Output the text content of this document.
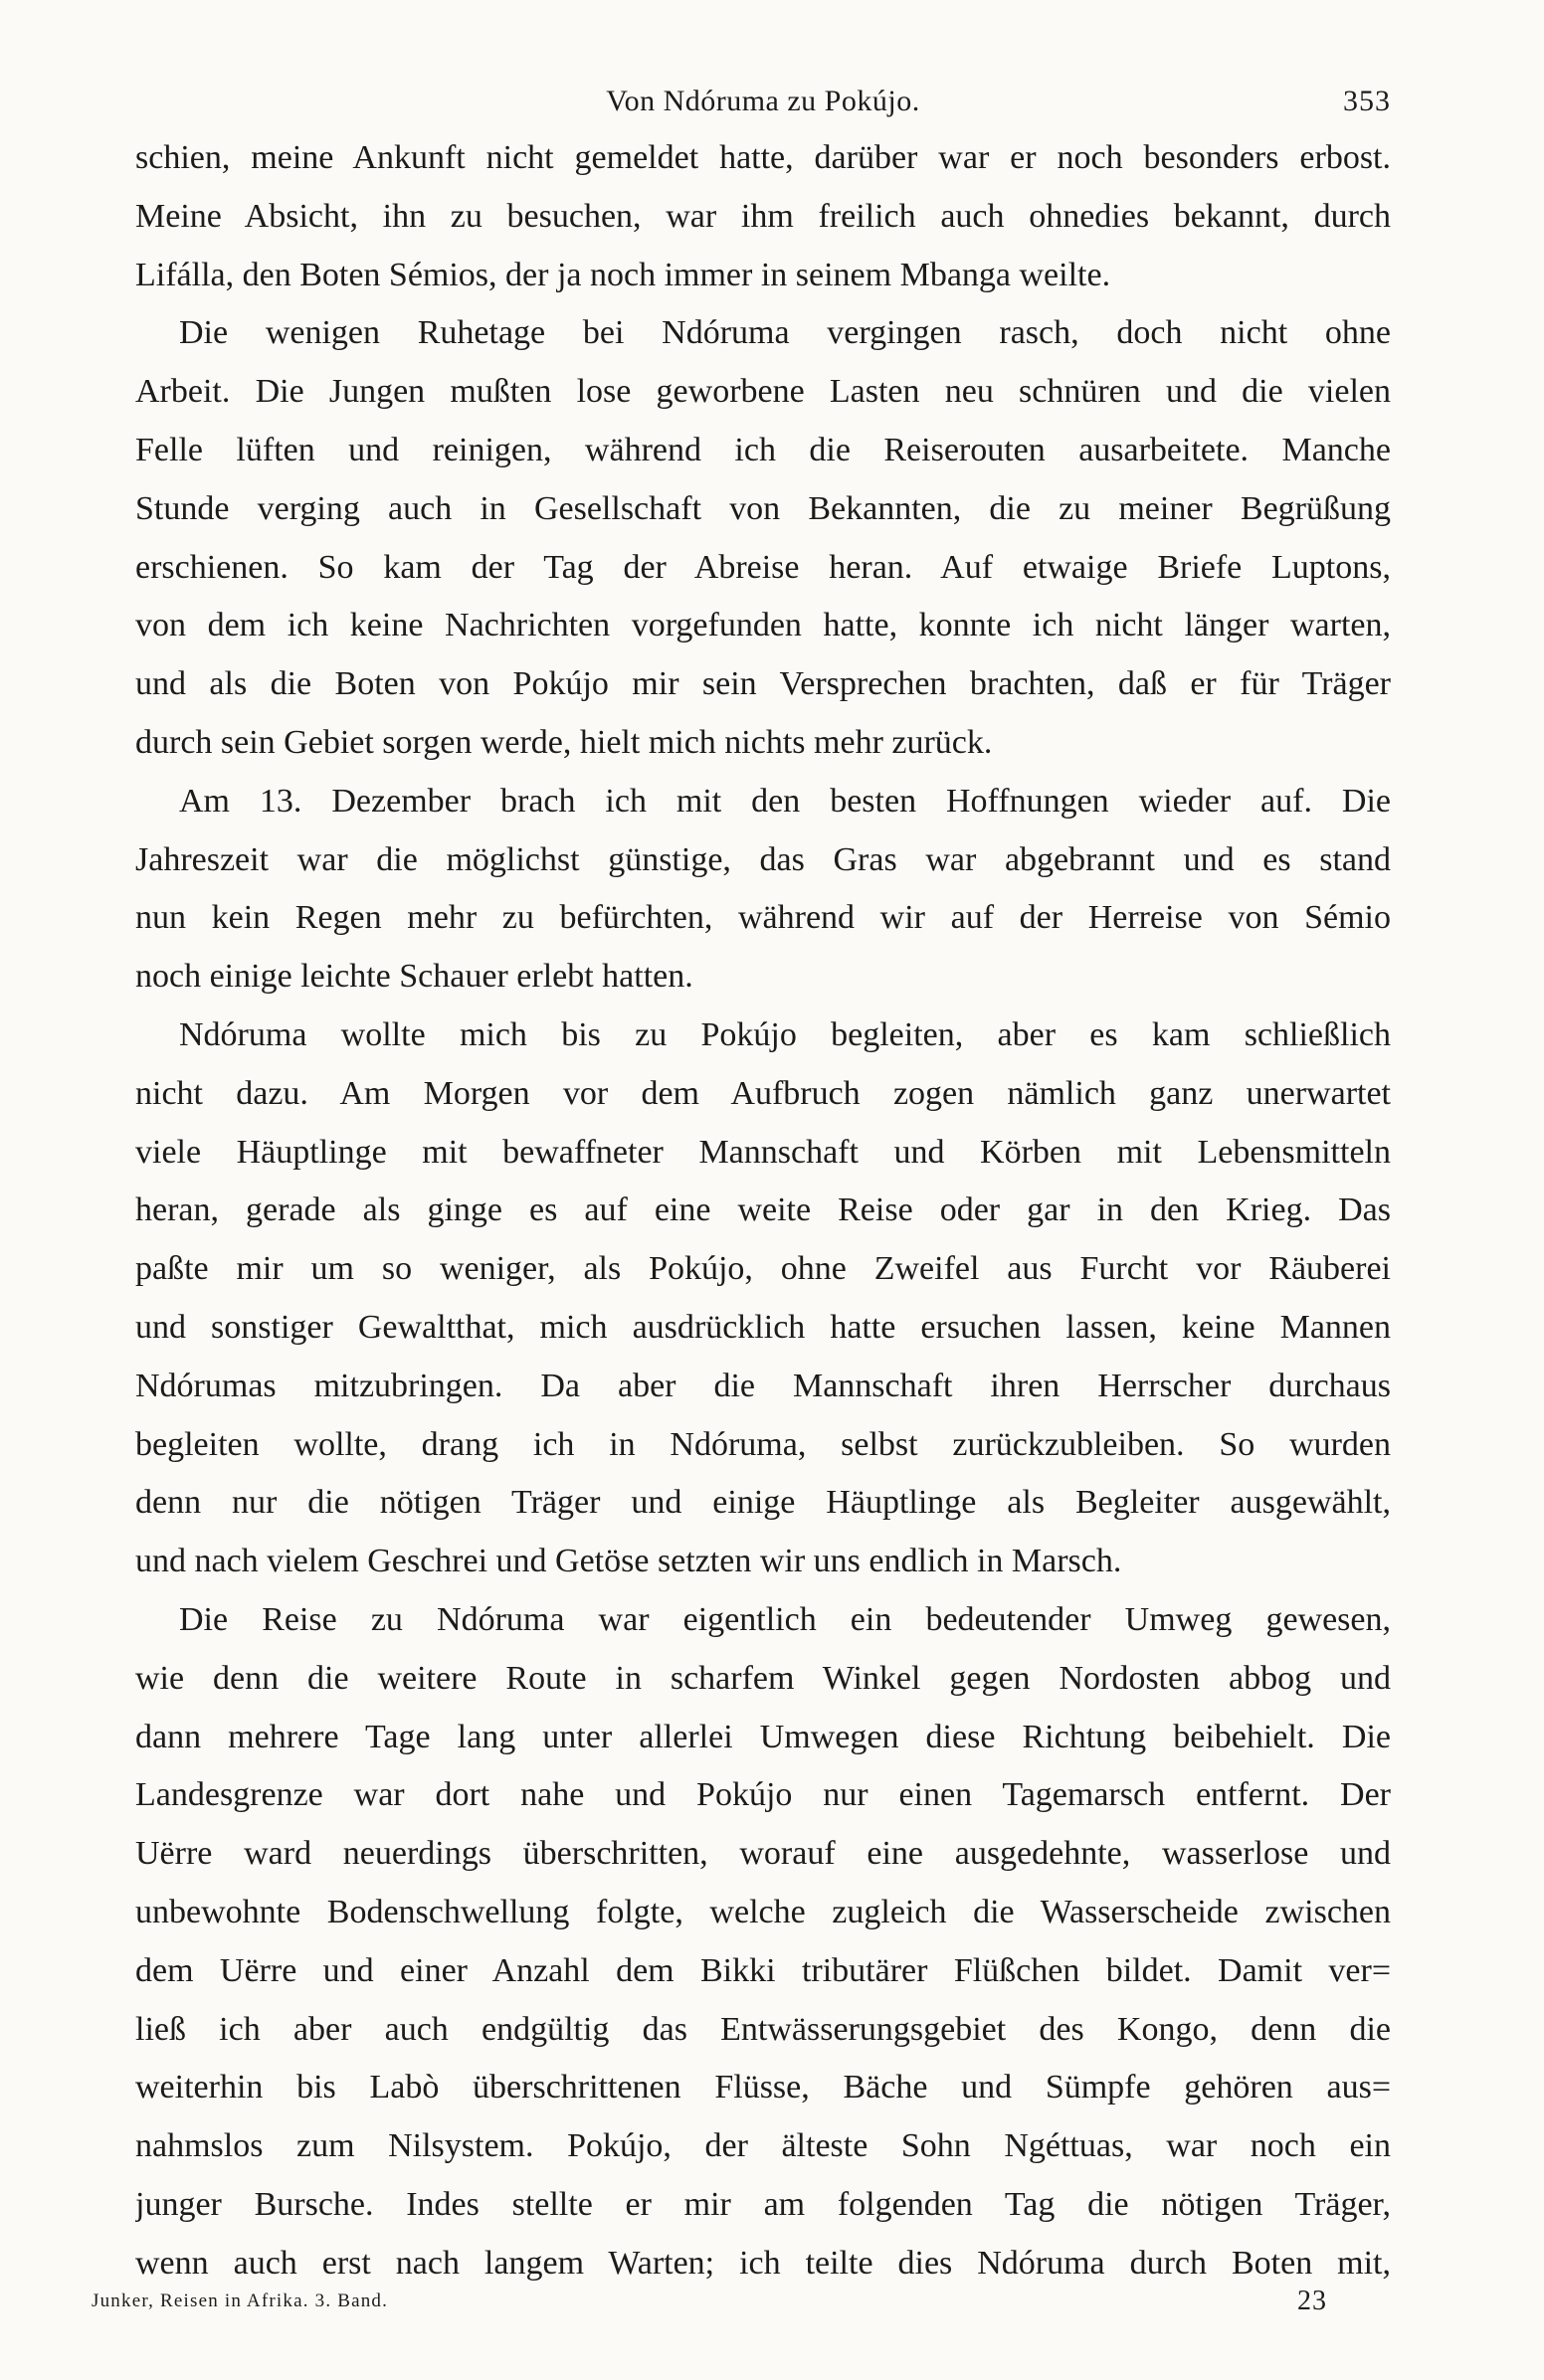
Von Ndóruma zu Pokújo.	353
schien, meine Ankunft nicht gemeldet hatte, darüber war er noch besonders erbost.
Meine Absicht, ihn zu besuchen, war ihm freilich auch ohnedies bekannt, durch
Lifálla, den Boten Sémios, der ja noch immer in seinem Mbanga weilte.
Die wenigen Ruhetage bei Ndóruma vergingen rasch, doch nicht ohne
Arbeit. Die Jungen mußten lose geworbene Lasten neu schnüren und die vielen
Felle lüften und reinigen, während ich die Reiserouten ausarbeitete. Manche
Stunde verging auch in Gesellschaft von Bekannten, die zu meiner Begrüßung
erschienen. So kam der Tag der Abreise heran. Auf etwaige Briefe Luptons,
von dem ich keine Nachrichten vorgefunden hatte, konnte ich nicht länger warten,
und als die Boten von Pokújo mir sein Versprechen brachten, daß er für Träger
durch sein Gebiet sorgen werde, hielt mich nichts mehr zurück.
Am 13. Dezember brach ich mit den besten Hoffnungen wieder auf. Die
Jahreszeit war die möglichst günstige, das Gras war abgebrannt und es stand
nun kein Regen mehr zu befürchten, während wir auf der Herreise von Sémio
noch einige leichte Schauer erlebt hatten.
Ndóruma wollte mich bis zu Pokújo begleiten, aber es kam schließlich
nicht dazu. Am Morgen vor dem Aufbruch zogen nämlich ganz unerwartet
viele Häuptlinge mit bewaffneter Mannschaft und Körben mit Lebensmitteln
heran, gerade als ginge es auf eine weite Reise oder gar in den Krieg. Das
paßte mir um so weniger, als Pokújo, ohne Zweifel aus Furcht vor Räuberei
und sonstiger Gewaltthat, mich ausdrücklich hatte ersuchen lassen, keine Mannen
Ndórumas mitzubringen. Da aber die Mannschaft ihren Herrscher durchaus
begleiten wollte, drang ich in Ndóruma, selbst zurückzubleiben. So wurden
denn nur die nötigen Träger und einige Häuptlinge als Begleiter ausgewählt,
und nach vielem Geschrei und Getöse setzten wir uns endlich in Marsch.
Die Reise zu Ndóruma war eigentlich ein bedeutender Umweg gewesen,
wie denn die weitere Route in scharfem Winkel gegen Nordosten abbog und
dann mehrere Tage lang unter allerlei Umwegen diese Richtung beibehielt. Die
Landesgrenze war dort nahe und Pokújo nur einen Tagemarsch entfernt. Der
Uërre ward neuerdings überschritten, worauf eine ausgedehnte, wasserlose und
unbewohnte Bodenschwellung folgte, welche zugleich die Wasserscheide zwischen
dem Uërre und einer Anzahl dem Bikki tributärer Flüßchen bildet. Damit ver=
ließ ich aber auch endgültig das Entwässerungsgebiet des Kongo, denn die
weiterhin bis Labò überschrittenen Flüsse, Bäche und Sümpfe gehören aus=
nahmslos zum Nilsystem. Pokújo, der älteste Sohn Ngéttuas, war noch ein
junger Bursche. Indes stellte er mir am folgenden Tag die nötigen Träger,
wenn auch erst nach langem Warten; ich teilte dies Ndóruma durch Boten mit,
Junker, Reisen in Afrika. 3. Band.	23
